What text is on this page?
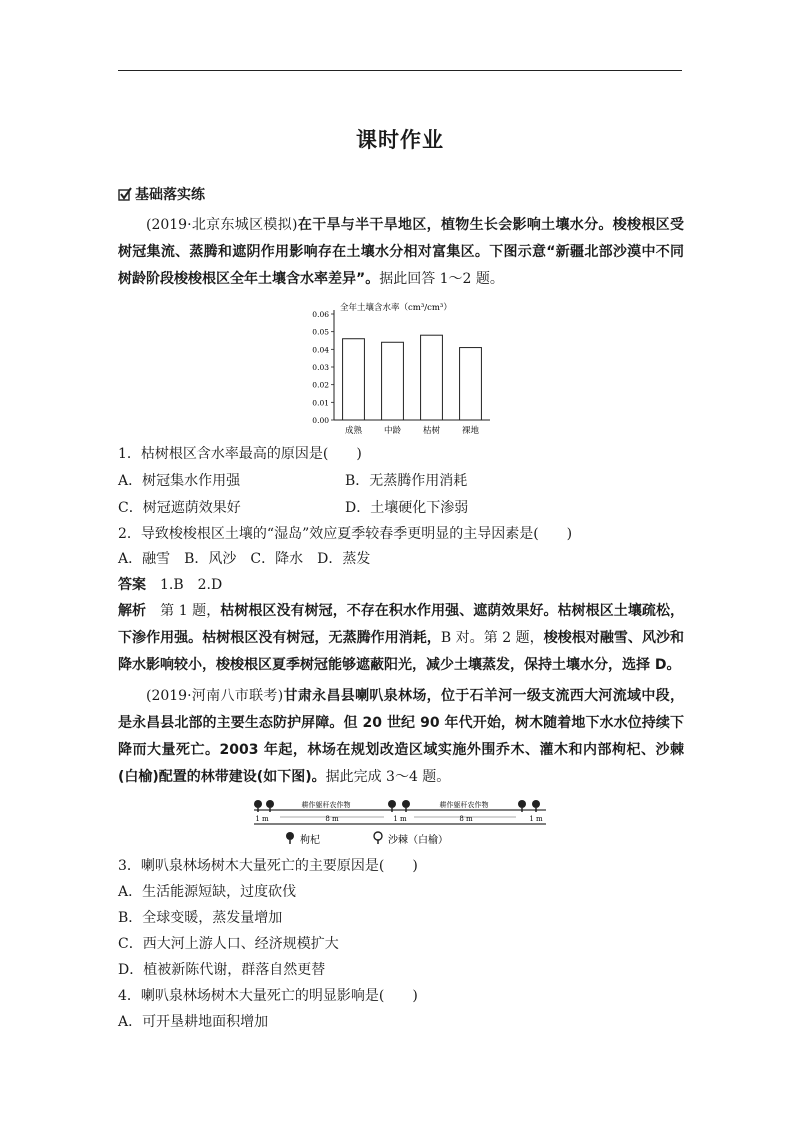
课时作业
基础落实练
(2019·北京东城区模拟)在干旱与半干旱地区，植物生长会影响土壤水分。梭梭根区受树冠集流、蒸腾和遮阴作用影响存在土壤水分相对富集区。下图示意“新疆北部沙漠中不同树龄阶段梭梭根区全年土壤含水率差异”。据此回答 1～2 题。
全年土壤含水率（cm³/cm³）
0.06
0.05
0.04
0.03
0.02
0.01
0.00
成熟	中龄	枯树	裸地
1．枯树根区含水率最高的原因是(　　)
A．树冠集水作用强	B．无蒸腾作用消耗
C．树冠遮荫效果好	D．土壤硬化下渗弱
2．导致梭梭根区土壤的“湿岛”效应夏季较春季更明显的主导因素是(　　)
A．融雪　B．风沙　C．降水　D．蒸发
答案　 1.B　2.D
解析　 第 1 题，枯树根区没有树冠，不存在积水作用强、遮荫效果好。枯树根区土壤疏松，下渗作用强。枯树根区没有树冠，无蒸腾作用消耗，B 对。第 2 题，梭梭根对融雪、风沙和降水影响较小，梭梭根区夏季树冠能够遮蔽阳光，减少土壤蒸发，保持土壤水分，选择 D。
(2019·河南八市联考)甘肃永昌县喇叭泉林场，位于石羊河一级支流西大河流域中段，是永昌县北部的主要生态防护屏障。但 20 世纪 90 年代开始，树木随着地下水水位持续下降而大量死亡。2003 年起，林场在规划改造区域实施外围乔木、灌木和内部枸杞、沙棘(白榆)配置的林带建设(如下图)。据此完成 3～4 题。
耕作躯秆农作物	耕作躯秆农作物
1 m	8 m	1 m	8 m	1 m
枸杞	沙棘（白榆）
3．喇叭泉林场树木大量死亡的主要原因是(　　)
A．生活能源短缺，过度砍伐
B．全球变暖，蒸发量增加
C．西大河上游人口、经济规模扩大
D．植被新陈代谢，群落自然更替
4．喇叭泉林场树木大量死亡的明显影响是(　　)
A．可开垦耕地面积增加
